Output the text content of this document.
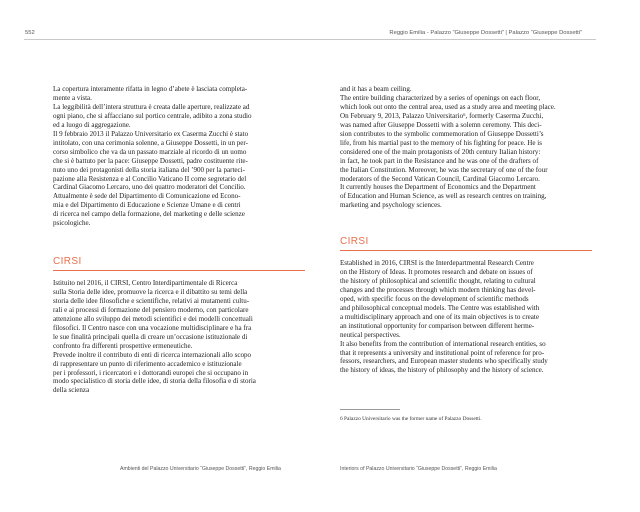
552	Reggio Emilia - Palazzo “Giuseppe Dossetti” | Palazzo “Giuseppe Dossetti”

La copertura interamente rifatta in legno d’abete è lasciata completa-

mente a vista.

La leggibilità dell’intera struttura è creata dalle aperture, realizzate ad

ogni piano, che si affacciano sul portico centrale, adibito a zona studio

ed a luogo di aggregazione.

Il 9 febbraio 2013 il Palazzo Universitario ex Caserma Zucchi è stato

intitolato, con una cerimonia solenne, a Giuseppe Dossetti, in un per-

corso simbolico che va da un passato marziale al ricordo di un uomo

che si è battuto per la pace: Giuseppe Dossetti, padre costituente rite-

nuto uno dei protagonisti della storia italiana del ’900 per la parteci-

pazione alla Resistenza e al Concilio Vaticano II come segretario del

Cardinal Giacomo Lercaro, uno dei quattro moderatori del Concilio.

Attualmente è sede del Dipartimento di Comunicazione ed Econo-

mia e del Dipartimento di Educazione e Scienze Umane e di centri

di ricerca nel campo della formazione, del marketing e delle scienze

psicologiche.

CIRSI

Istituito nel 2016, il CIRSI, Centro Interdipartimentale di Ricerca

sulla Storia delle idee, promuove la ricerca e il dibattito su temi della

storia delle idee filosofiche e scientifiche, relativi ai mutamenti cultu-

rali e ai processi di formazione del pensiero moderno, con particolare

attenzione allo sviluppo dei metodi scientifici e dei modelli concettuali

filosofici. Il Centro nasce con una vocazione multidisciplinare e ha fra

le sue finalità principali quella di creare un’occasione istituzionale di

confronto fra differenti prospettive ermeneutiche.

Prevede inoltre il contributo di enti di ricerca internazionali allo scopo

di rappresentare un punto di riferimento accademico e istituzionale

per i professori, i ricercatori e i dottorandi europei che si occupano in

modo specialistico di storia delle idee, di storia della filosofia e di storia

della scienza

and it has a beam ceiling.

The entire building characterized by a series of openings on each floor,

which look out onto the central area, used as a study area and meeting place.

On February 9, 2013, Palazzo Universitario⁶, formerly Caserma Zucchi,

was named after Giuseppe Dossetti with a solemn ceremony. This deci-

sion contributes to the symbolic commemoration of Giuseppe Dossetti’s

life, from his martial past to the memory of his fighting for peace. He is

considered one of the main protagonists of 20th century Italian history:

in fact, he took part in the Resistance and he was one of the drafters of

the Italian Constitution. Moreover, he was the secretary of one of the four

moderators of the Second Vatican Council, Cardinal Giacomo Lercaro.

It currently houses the Department of Economics and the Department

of Education and Human Science, as well as research centres on training,

marketing and psychology sciences.

CIRSI

Established in 2016, CIRSI is the Interdepartmental Research Centre

on the History of Ideas. It promotes research and debate on issues of

the history of philosophical and scientific thought, relating to cultural

changes and the processes through which modern thinking has devel-

oped, with specific focus on the development of scientific methods

and philosophical conceptual models. The Centre was established with

a multidisciplinary approach and one of its main objectives is to create

an institutional opportunity for comparison between different herme-

neutical perspectives.

It also benefits from the contribution of international research entities, so

that it represents a university and institutional point of reference for pro-

fessors, researchers, and European master students who specifically study

the history of ideas, the history of philosophy and the history of science.

6 Palazzo Universitario was the former name of Palazzo Dossetti.
Ambienti del Palazzo Universitario “Giuseppe Dossetti”, Reggio Emilia	Interiors of Palazzo Universitario “Giuseppe Dossetti”, Reggio Emilia
